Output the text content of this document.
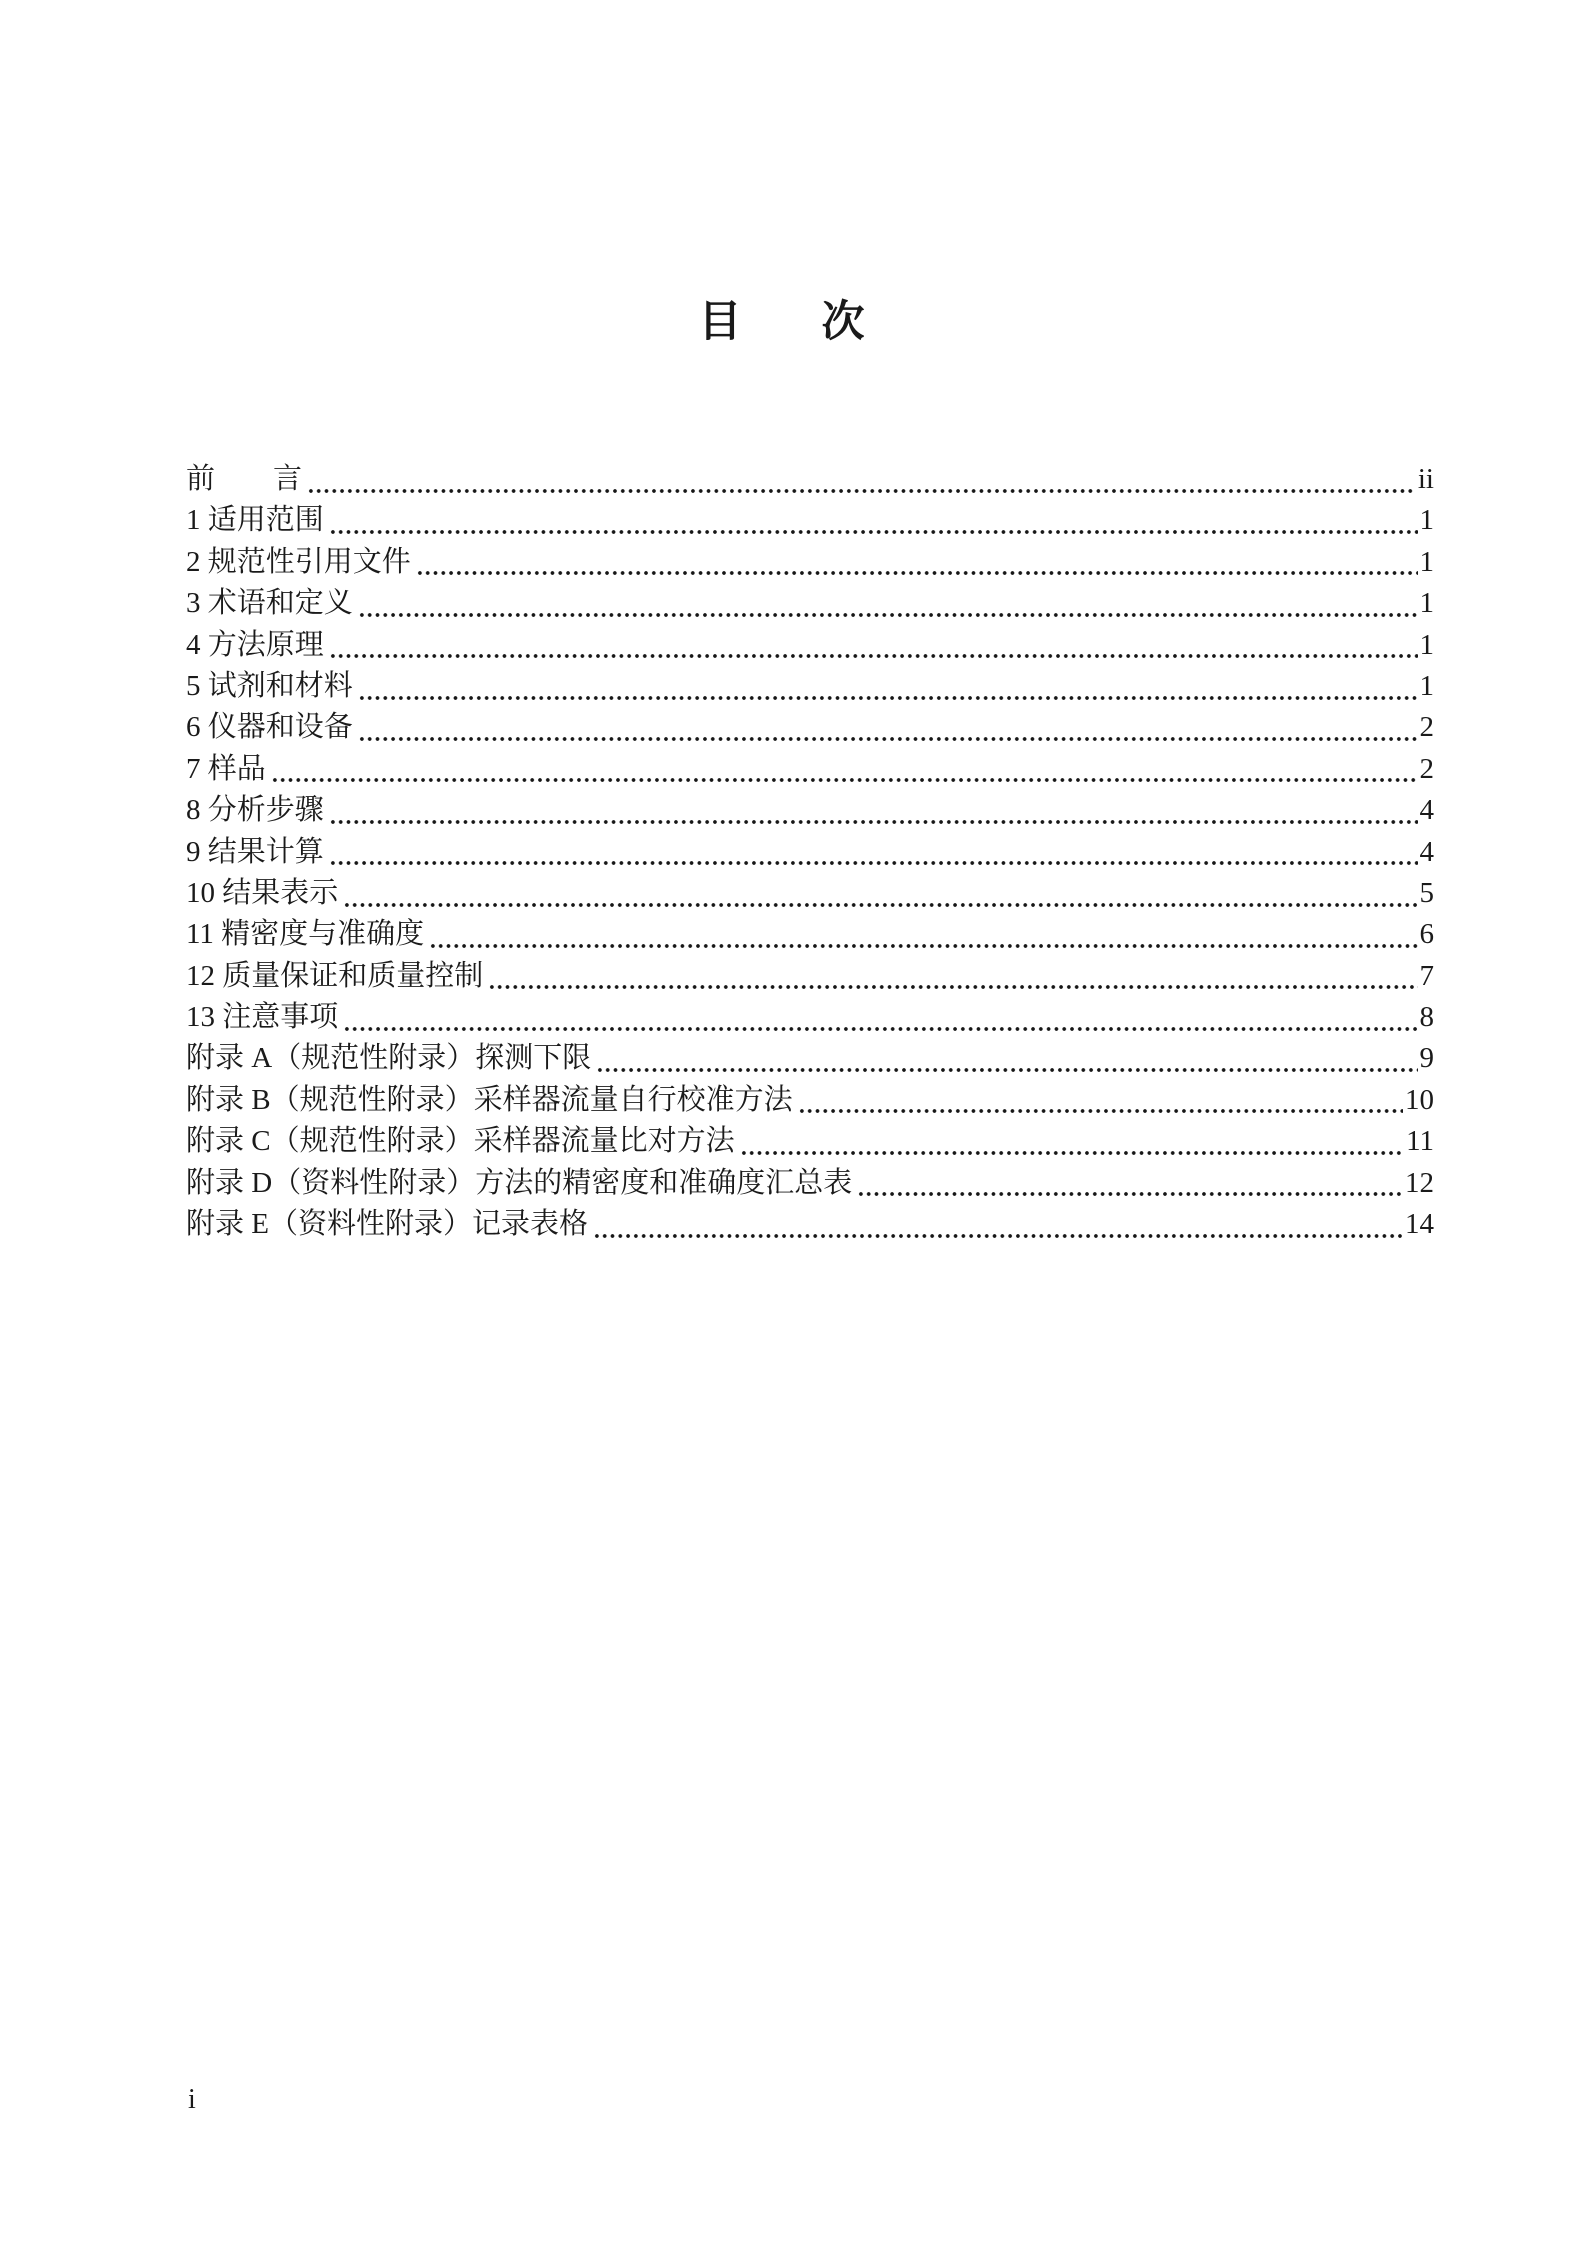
目 次
前　　言	ii
1 适用范围	1
2 规范性引用文件	1
3 术语和定义	1
4 方法原理	1
5 试剂和材料	1
6 仪器和设备	2
7 样品	2
8 分析步骤	4
9 结果计算	4
10 结果表示	5
11 精密度与准确度	6
12 质量保证和质量控制	7
13 注意事项	8
附录 A（规范性附录）探测下限	9
附录 B（规范性附录）采样器流量自行校准方法	10
附录 C（规范性附录）采样器流量比对方法	11
附录 D（资料性附录）方法的精密度和准确度汇总表	12
附录 E（资料性附录）记录表格	14
i
